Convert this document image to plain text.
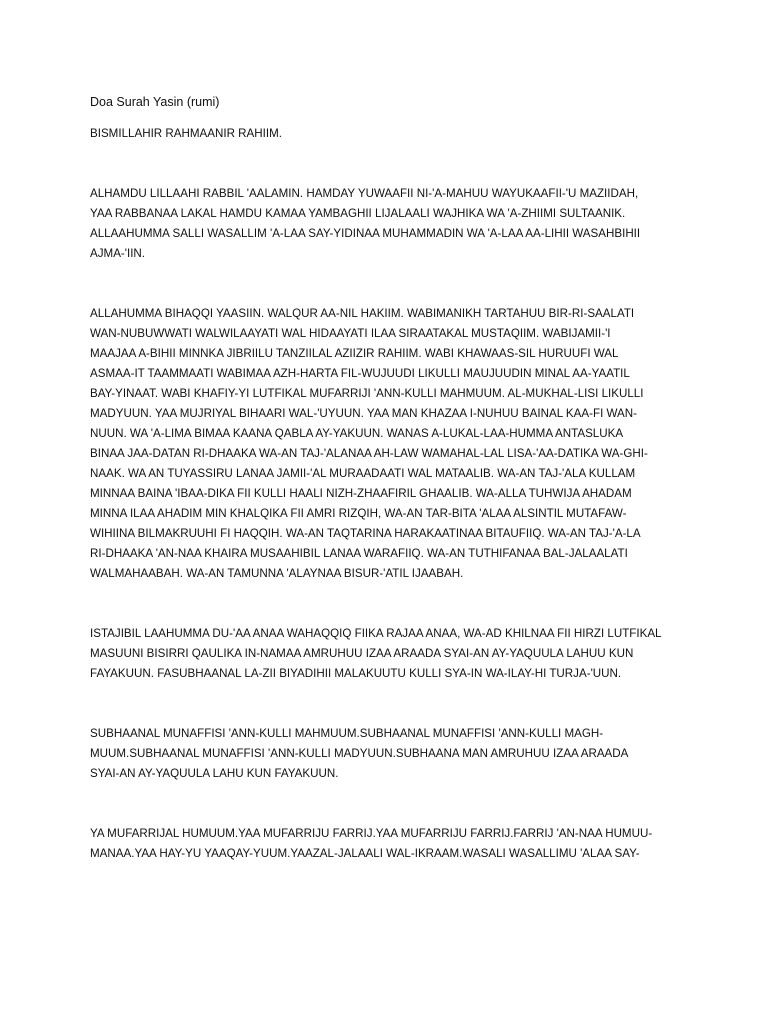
Doa Surah Yasin (rumi)
BISMILLAHIR RAHMAANIR RAHIIM.
ALHAMDU LILLAAHI RABBIL 'AALAMIN. HAMDAY YUWAAFII NI-'A-MAHUU WAYUKAAFII-'U MAZIIDAH,
YAA RABBANAA LAKAL HAMDU KAMAA YAMBAGHII LIJALAALI WAJHIKA WA 'A-ZHIIMI SULTAANIK.
ALLAAHUMMA SALLI WASALLIM 'A-LAA SAY-YIDINAA MUHAMMADIN WA 'A-LAA AA-LIHII WASAHBIHII
AJMA-'IIN.
ALLAHUMMA BIHAQQI YAASIIN. WALQUR AA-NIL HAKIIM. WABIMANIKH TARTAHUU BIR-RI-SAALATI
WAN-NUBUWWATI WALWILAAYATI WAL HIDAAYATI ILAA SIRAATAKAL MUSTAQIIM. WABIJAMII-'I
MAAJAA A-BIHII MINNKA JIBRIILU TANZIILAL AZIIZIR RAHIIM. WABI KHAWAAS-SIL HURUUFI WAL
ASMAA-IT TAAMMAATI WABIMAA AZH-HARTA FIL-WUJUUDI LIKULLI MAUJUUDIN MINAL AA-YAATIL
BAY-YINAAT. WABI KHAFIY-YI LUTFIKAL MUFARRIJI 'ANN-KULLI MAHMUUM. AL-MUKHAL-LISI LIKULLI
MADYUUN. YAA MUJRIYAL BIHAARI WAL-'UYUUN. YAA MAN KHAZAA I-NUHUU BAINAL KAA-FI WAN-
NUUN. WA 'A-LIMA BIMAA KAANA QABLA AY-YAKUUN. WANAS A-LUKAL-LAA-HUMMA ANTASLUKA
BINAA JAA-DATAN RI-DHAAKA WA-AN TAJ-'ALANAA AH-LAW WAMAHAL-LAL LISA-'AA-DATIKA WA-GHI-
NAAK. WA AN TUYASSIRU LANAA JAMII-'AL MURAADAATI WAL MATAALIB. WA-AN TAJ-'ALA KULLAM
MINNAA BAINA 'IBAA-DIKA FII KULLI HAALI NIZH-ZHAAFIRIL GHAALIB. WA-ALLA TUHWIJA AHADAM
MINNA ILAA AHADIM MIN KHALQIKA FII AMRI RIZQIH, WA-AN TAR-BITA 'ALAA ALSINTIL MUTAFAW-
WIHIINA BILMAKRUUHI FI HAQQIH. WA-AN TAQTARINA HARAKAATINAA BITAUFIIQ. WA-AN TAJ-'A-LA
RI-DHAAKA 'AN-NAA KHAIRA MUSAAHIBIL LANAA WARAFIIQ. WA-AN TUTHIFANAA BAL-JALAALATI
WALMAHAABAH. WA-AN TAMUNNA 'ALAYNAA BISUR-'ATIL IJAABAH.
ISTAJIBIL LAAHUMMA DU-'AA ANAA WAHAQQIQ FIIKA RAJAA ANAA, WA-AD KHILNAA FII HIRZI LUTFIKAL
MASUUNI BISIRRI QAULIKA IN-NAMAA AMRUHUU IZAA ARAADA SYAI-AN AY-YAQUULA LAHUU KUN
FAYAKUUN. FASUBHAANAL LA-ZII BIYADIHII MALAKUUTU KULLI SYA-IN WA-ILAY-HI TURJA-'UUN.
SUBHAANAL MUNAFFISI 'ANN-KULLI MAHMUUM.SUBHAANAL MUNAFFISI 'ANN-KULLI MAGH-
MUUM.SUBHAANAL MUNAFFISI 'ANN-KULLI MADYUUN.SUBHAANA MAN AMRUHUU IZAA ARAADA
SYAI-AN AY-YAQUULA LAHU KUN FAYAKUUN.
YA MUFARRIJAL HUMUUM.YAA MUFARRIJU FARRIJ.YAA MUFARRIJU FARRIJ.FARRIJ 'AN-NAA HUMUU-
MANAA.YAA HAY-YU YAAQAY-YUUM.YAAZAL-JALAALI WAL-IKRAAM.WASALI WASALLIMU 'ALAA SAY-
